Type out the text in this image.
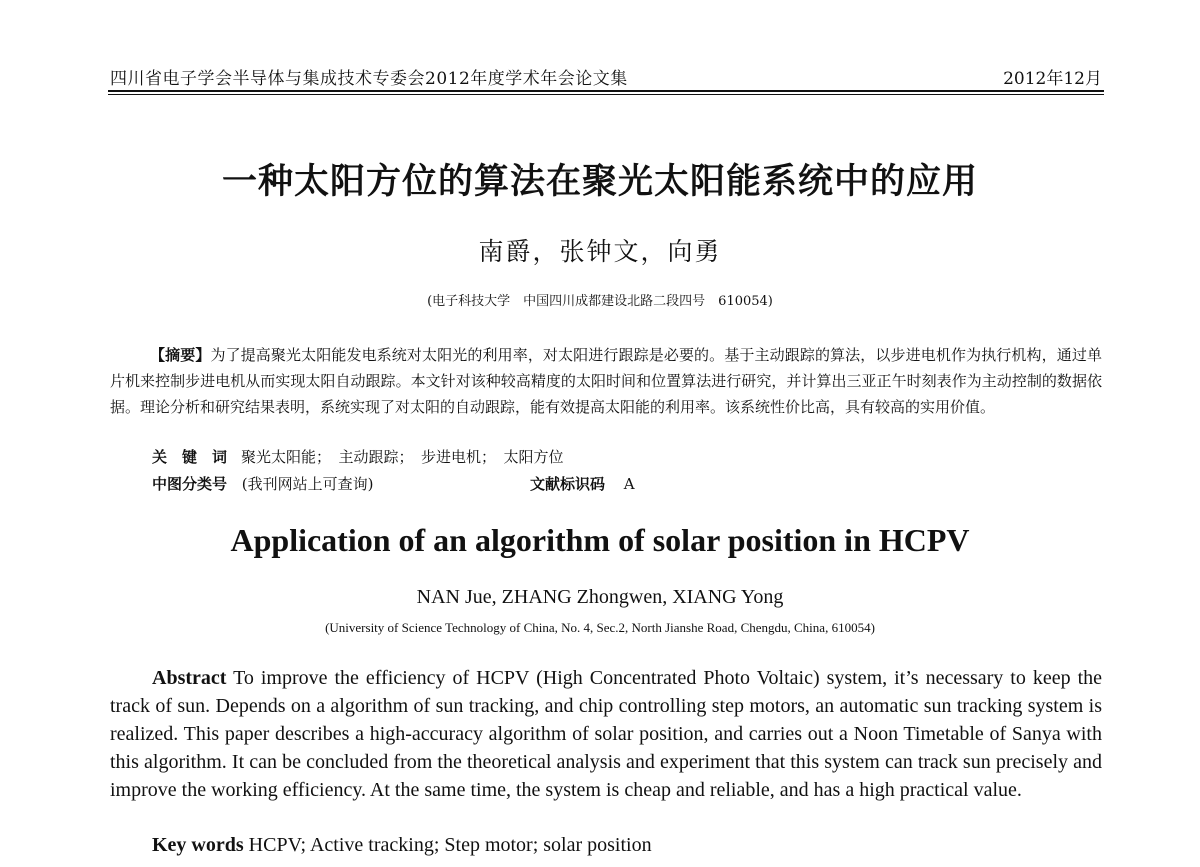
四川省电子学会半导体与集成技术专委会2012年度学术年会论文集	2012年12月
一种太阳方位的算法在聚光太阳能系统中的应用
南爵，张钟文，向勇
(电子科技大学　中国四川成都建设北路二段四号　610054)
【摘要】为了提高聚光太阳能发电系统对太阳光的利用率，对太阳进行跟踪是必要的。基于主动跟踪的算法，以步进电机作为执行机构，通过单片机来控制步进电机从而实现太阳自动跟踪。本文针对该种较高精度的太阳时间和位置算法进行研究，并计算出三亚正午时刻表作为主动控制的数据依据。理论分析和研究结果表明，系统实现了对太阳的自动跟踪，能有效提高太阳能的利用率。该系统性价比高，具有较高的实用价值。
关　键　词 聚光太阳能；　主动跟踪；　步进电机；　太阳方位
中图分类号 (我刊网站上可查询)	文献标识码 A
Application of an algorithm of solar position in HCPV
NAN Jue, ZHANG Zhongwen, XIANG Yong
(University of Science Technology of China, No. 4, Sec.2, North Jianshe Road, Chengdu, China, 610054)
Abstract To improve the efficiency of HCPV (High Concentrated Photo Voltaic) system, it’s necessary to keep the track of sun. Depends on a algorithm of sun tracking, and chip controlling step motors, an automatic sun tracking system is realized. This paper describes a high-accuracy algorithm of solar position, and carries out a Noon Timetable of Sanya with this algorithm. It can be concluded from the theoretical analysis and experiment that this system can track sun precisely and improve the working efficiency. At the same time, the system is cheap and reliable, and has a high practical value.
Key words HCPV; Active tracking; Step motor; solar position
